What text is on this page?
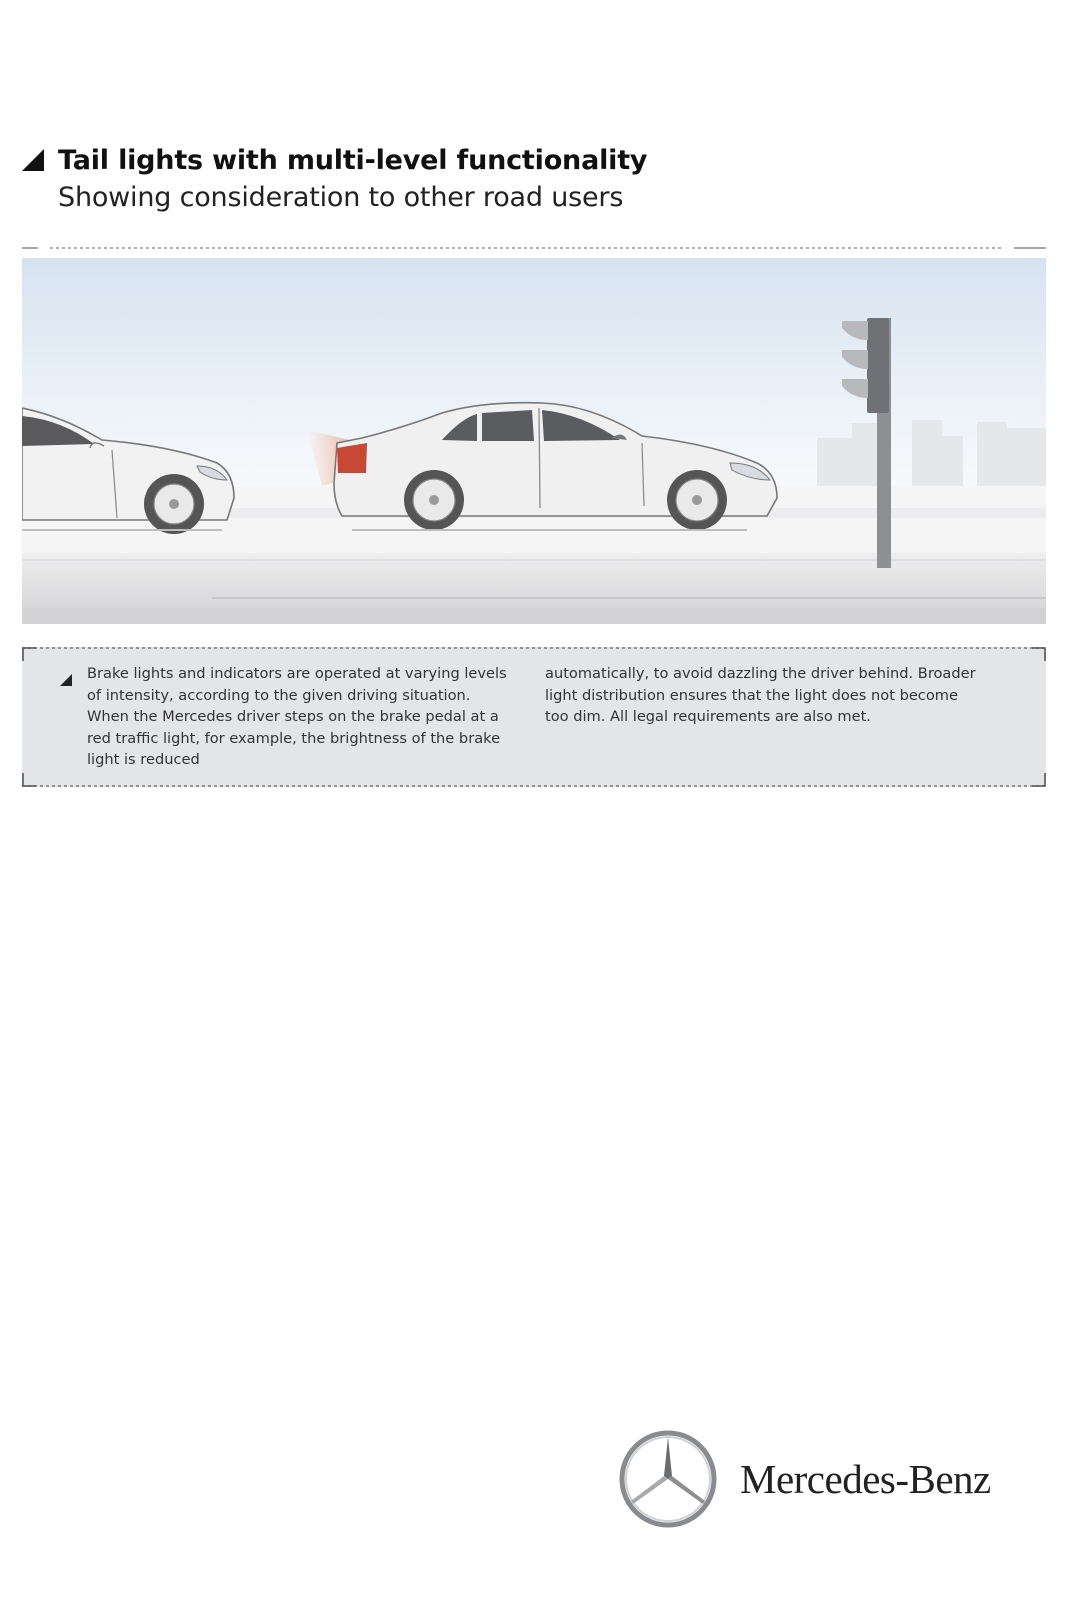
Tail lights with multi-level functionality
Showing consideration to other road users
Brake lights and indicators are operated at varying levels of intensity, according to the given driving situation. When the Mercedes driver steps on the brake pedal at a red traffic light, for example, the brightness of the brake light is reduced
automatically, to avoid dazzling the driver behind. Broader light distribution ensures that the light does not become too dim. All legal requirements are also met.
Mercedes-Benz
